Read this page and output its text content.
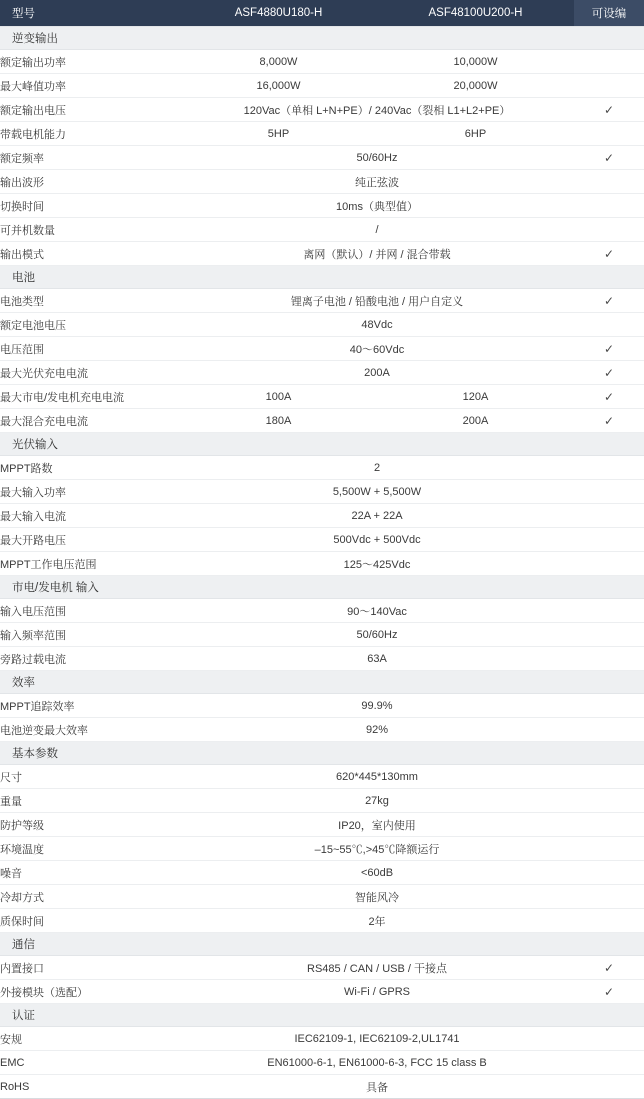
型号	ASF4880U180-H	ASF48100U200-H	可设编
逆变输出			
额定输出功率	8,000W	10,000W	
最大峰值功率	16,000W	20,000W	
额定输出电压	120Vac（单相 L+N+PE）/ 240Vac（裂相 L1+L2+PE）		✓
带载电机能力	5HP	6HP	
额定频率	50/60Hz		✓
输出波形	纯正弦波		
切换时间	10ms（典型值）		
可并机数量	/		
输出模式	离网（默认）/ 并网 / 混合带载		✓
电池			
电池类型	锂离子电池 / 铅酸电池 / 用户自定义		✓
额定电池电压	48Vdc		
电压范围	40～60Vdc		✓
最大光伏充电电流	200A		✓
最大市电/发电机充电电流	100A	120A	✓
最大混合充电电流	180A	200A	✓
光伏输入			
MPPT路数	2		
最大输入功率	5,500W + 5,500W		
最大输入电流	22A + 22A		
最大开路电压	500Vdc + 500Vdc		
MPPT工作电压范围	125～425Vdc		
市电/发电机 输入			
输入电压范围	90～140Vac		
输入频率范围	50/60Hz		
旁路过载电流	63A		
效率			
MPPT追踪效率	99.9%		
电池逆变最大效率	92%		
基本参数			
尺寸	620*445*130mm		
重量	27kg		
防护等级	IP20，室内使用		
环境温度	–15~55℃,>45℃降额运行		
噪音	<60dB		
冷却方式	智能风冷		
质保时间	2年		
通信			
内置接口	RS485 / CAN / USB / 干接点		✓
外接模块（选配）	Wi-Fi / GPRS		✓
认证			
安规	IEC62109-1, IEC62109-2,UL1741		
EMC	EN61000-6-1, EN61000-6-3, FCC 15 class B		
RoHS	具备		
